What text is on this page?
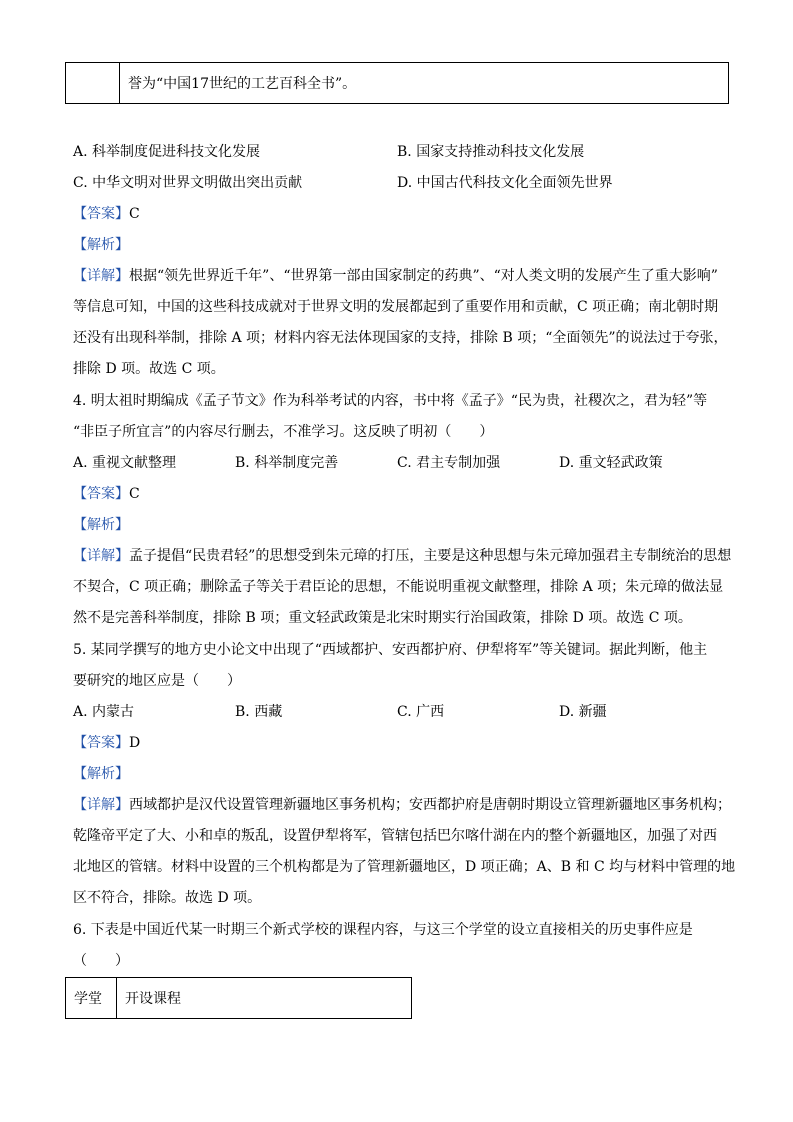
	誉为“中国17世纪的工艺百科全书”。
A. 科举制度促进科技文化发展	B. 国家支持推动科技文化发展
C. 中华文明对世界文明做出突出贡献	D. 中国古代科技文化全面领先世界
【答案】C
【解析】
【详解】根据“领先世界近千年”、“世界第一部由国家制定的药典”、“对人类文明的发展产生了重大影响”
等信息可知，中国的这些科技成就对于世界文明的发展都起到了重要作用和贡献，C 项正确；南北朝时期
还没有出现科举制，排除 A 项；材料内容无法体现国家的支持，排除 B 项；“全面领先”的说法过于夸张，
排除 D 项。故选 C 项。
4. 明太祖时期编成《孟子节文》作为科举考试的内容，书中将《孟子》“民为贵，社稷次之，君为轻”等
“非臣子所宜言”的内容尽行删去，不准学习。这反映了明初（　　）
A. 重视文献整理	B. 科举制度完善	C. 君主专制加强	D. 重文轻武政策
【答案】C
【解析】
【详解】孟子提倡“民贵君轻”的思想受到朱元璋的打压，主要是这种思想与朱元璋加强君主专制统治的思想
不契合，C 项正确；删除孟子等关于君臣论的思想，不能说明重视文献整理，排除 A 项；朱元璋的做法显
然不是完善科举制度，排除 B 项；重文轻武政策是北宋时期实行治国政策，排除 D 项。故选 C 项。
5. 某同学撰写的地方史小论文中出现了“西域都护、安西都护府、伊犁将军”等关键词。据此判断，他主
要研究的地区应是（　　）
A. 内蒙古	B. 西藏	C. 广西	D. 新疆
【答案】D
【解析】
【详解】西域都护是汉代设置管理新疆地区事务机构；安西都护府是唐朝时期设立管理新疆地区事务机构；
乾隆帝平定了大、小和卓的叛乱，设置伊犁将军，管辖包括巴尔喀什湖在内的整个新疆地区，加强了对西
北地区的管辖。材料中设置的三个机构都是为了管理新疆地区，D 项正确；A、B 和 C 均与材料中管理的地
区不符合，排除。故选 D 项。
6. 下表是中国近代某一时期三个新式学校的课程内容，与这三个学堂的设立直接相关的历史事件应是
（　　）
学堂	开设课程
